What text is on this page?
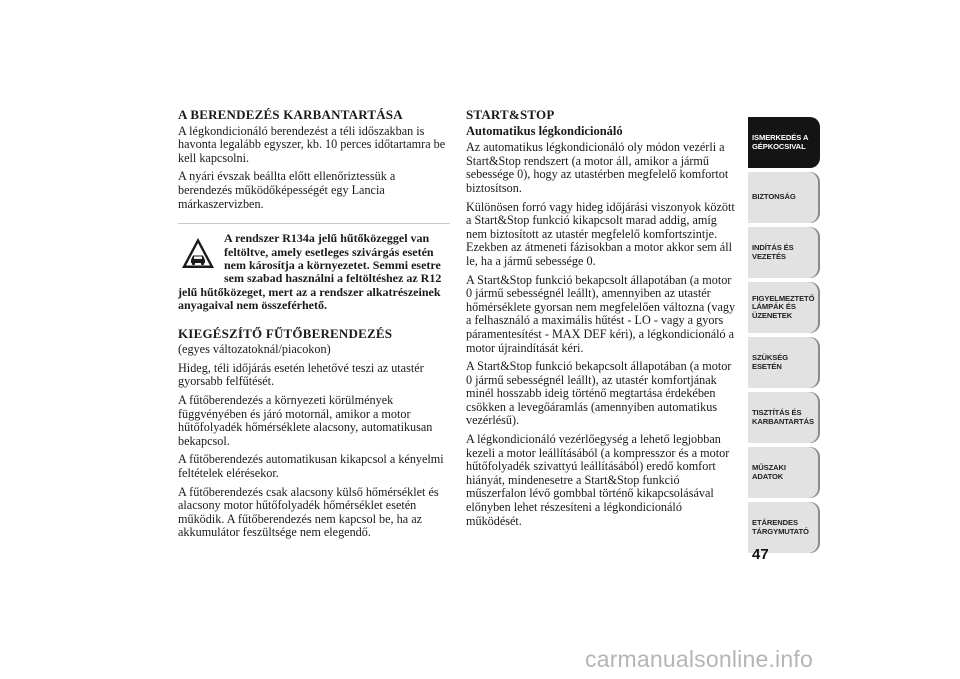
A BERENDEZÉS KARBANTARTÁSA

A légkondicionáló berendezést a téli időszakban is havonta legalább egyszer, kb. 10 perces időtartamra be kell kapcsolni.

A nyári évszak beállta előtt ellenőriztessük a berendezés működőképességét egy Lancia márkaszervizben.

A rendszer R134a jelű hűtőközeggel van feltöltve, amely esetleges szivárgás esetén nem károsítja a környezetet. Semmi esetre sem szabad használni a feltöltéshez az R12 jelű hűtőközeget, mert az a rendszer alkatrészeinek anyagaival nem összeférhető.
KIEGÉSZÍTŐ FŰTŐBERENDEZÉS

(egyes változatoknál/piacokon)

Hideg, téli időjárás esetén lehetővé teszi az utastér gyorsabb felfűtését.

A fűtőberendezés a környezeti körülmények függvényében és járó motornál, amikor a motor hűtőfolyadék hőmérséklete alacsony, automatikusan bekapcsol.

A fűtőberendezés automatikusan kikapcsol a kényelmi feltételek elérésekor.

A fűtőberendezés csak alacsony külső hőmérséklet és alacsony motor hűtőfolyadék hőmérséklet esetén működik. A fűtőberendezés nem kapcsol be, ha az akkumulátor feszültsége nem elegendő.

START&STOP
Automatikus légkondicionáló

Az automatikus légkondicionáló oly módon vezérli a Start&Stop rendszert (a motor áll, amikor a jármű sebessége 0), hogy az utastérben megfelelő komfortot biztosítson.

Különösen forró vagy hideg időjárási viszonyok között a Start&Stop funkció kikapcsolt marad addig, amíg nem biztosított az utastér megfelelő komfortszintje. Ezekben az átmeneti fázisokban a motor akkor sem áll le, ha a jármű sebessége 0.

A Start&Stop funkció bekapcsolt állapotában (a motor 0 jármű sebességnél leállt), amennyiben az utastér hőmérséklete gyorsan nem megfelelően változna (vagy a felhasználó a maximális hűtést - LO - vagy a gyors páramentesítést - MAX DEF kéri), a légkondicionáló a motor újraindítását kéri.

A Start&Stop funkció bekapcsolt állapotában (a motor 0 jármű sebességnél leállt), az utastér komfortjának minél hosszabb ideig történő megtartása érdekében csökken a levegőáramlás (amennyiben automatikus vezérlésű).

A légkondicionáló vezérlőegység a lehető legjobban kezeli a motor leállításából (a kompresszor és a motor hűtőfolyadék szivattyú leállításából) eredő komfort hiányát, mindenesetre a Start&Stop funkció műszerfalon lévő gombbal történő kikapcsolásával előnyben lehet részesíteni a légkondicionáló működését.

ISMERKEDÉS A
GÉPKOCSIVAL
BIZTONSÁG
INDÍTÁS ÉS
VEZETÉS
FIGYELMEZTETŐ
LÁMPÁK ÉS
ÜZENETEK
SZÜKSÉG ESETÉN
TISZTÍTÁS ÉS
KARBANTARTÁS
MŰSZAKI ADATOK
ETÁRENDES
TÁRGYMUTATÓ
47
carmanualsonline.info
